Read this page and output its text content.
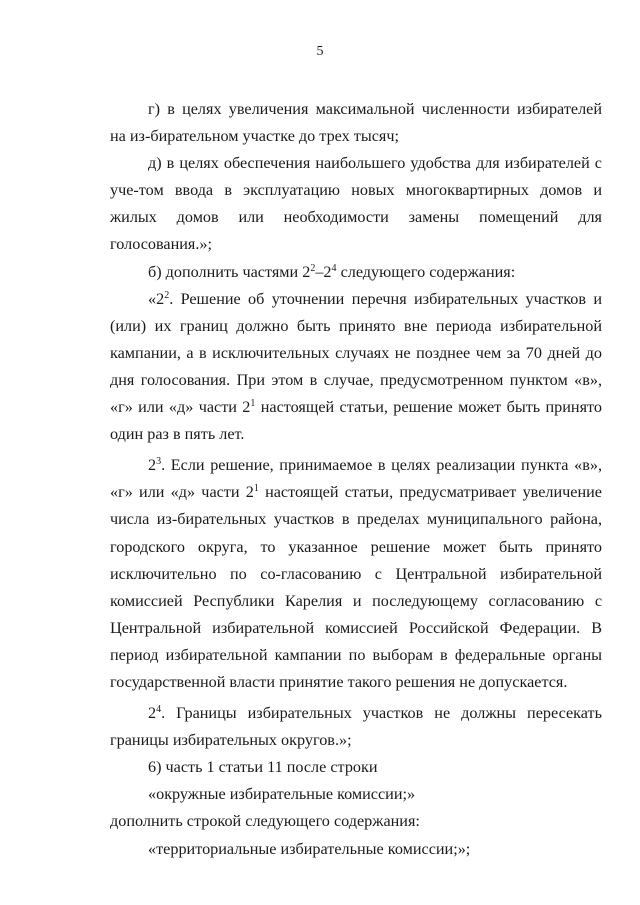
5

г) в целях увеличения максимальной численности избирателей на из-бирательном участке до трех тысяч;

д) в целях обеспечения наибольшего удобства для избирателей с уче-том ввода в эксплуатацию новых многоквартирных домов и жилых домов или необходимости замены помещений для голосования.»;

б) дополнить частями $2^2-2^4$ следующего содержания:

«$2^2$. Решение об уточнении перечня избирательных участков и (или) их границ должно быть принято вне периода избирательной кампании, а в исключительных случаях не позднее чем за 70 дней до дня голосования. При этом в случае, предусмотренном пунктом «в», «г» или «д» части $2^1$ настоящей статьи, решение может быть принято один раз в пять лет.

$2^3$. Если решение, принимаемое в целях реализации пункта «в», «г» или «д» части $2^1$ настоящей статьи, предусматривает увеличение числа из-бирательных участков в пределах муниципального района, городского округа, то указанное решение может быть принято исключительно по со-гласованию с Центральной избирательной комиссией Республики Карелия и последующему согласованию с Центральной избирательной комиссией Российской Федерации. В период избирательной кампании по выборам в федеральные органы государственной власти принятие такого решения не допускается.

$2^4$. Границы избирательных участков не должны пересекать границы избирательных округов.»;

6) часть 1 статьи 11 после строки

«окружные избирательные комиссии;»

дополнить строкой следующего содержания:

«территориальные избирательные комиссии;»;
